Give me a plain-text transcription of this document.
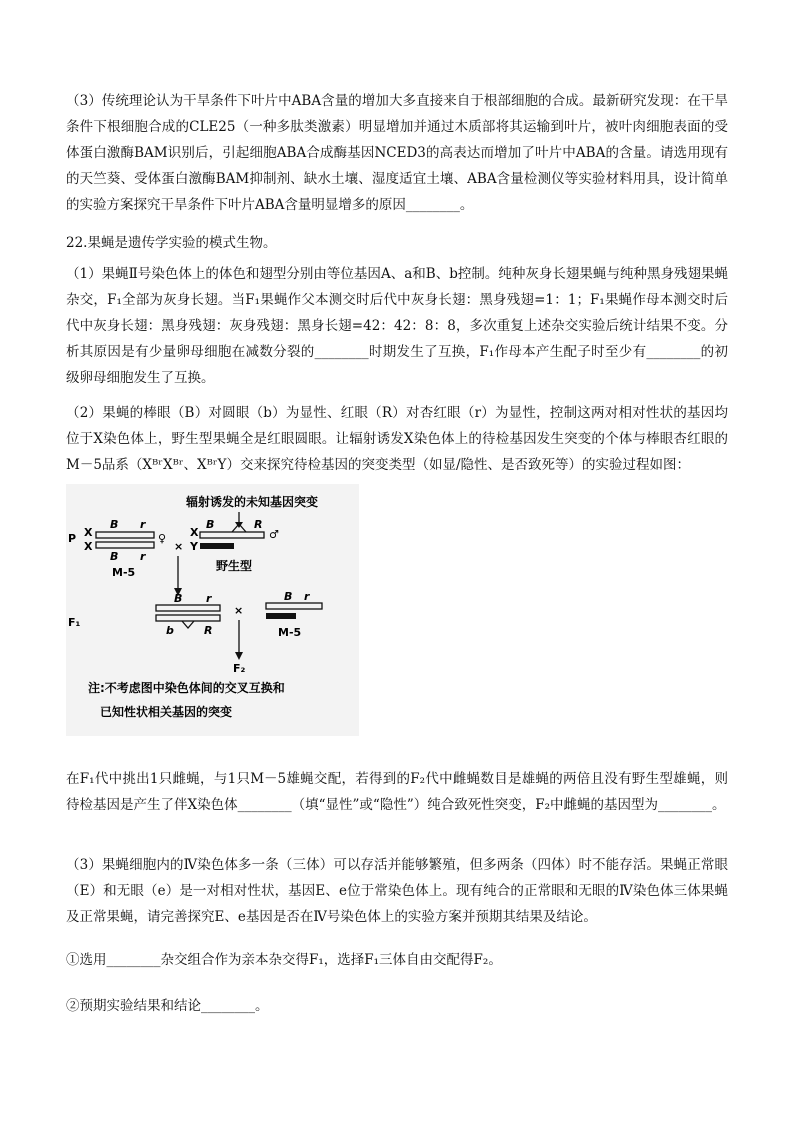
（3）传统理论认为干旱条件下叶片中ABA含量的增加大多直接来自于根部细胞的合成。最新研究发现：在干旱条件下根细胞合成的CLE25（一种多肽类激素）明显增加并通过木质部将其运输到叶片，被叶肉细胞表面的受体蛋白激酶BAM识别后，引起细胞ABA合成酶基因NCED3的高表达而增加了叶片中ABA的含量。请选用现有的天竺葵、受体蛋白激酶BAM抑制剂、缺水土壤、湿度适宜土壤、ABA含量检测仪等实验材料用具，设计简单的实验方案探究干旱条件下叶片ABA含量明显增多的原因________。
22.果蝇是遗传学实验的模式生物。
（1）果蝇Ⅱ号染色体上的体色和翅型分别由等位基因A、a和B、b控制。纯种灰身长翅果蝇与纯种黑身残翅果蝇杂交，F₁全部为灰身长翅。当F₁果蝇作父本测交时后代中灰身长翅：黑身残翅=1：1；F₁果蝇作母本测交时后代中灰身长翅：黑身残翅：灰身残翅：黑身长翅=42：42：8：8，多次重复上述杂交实验后统计结果不变。分析其原因是有少量卵母细胞在减数分裂的________时期发生了互换，F₁作母本产生配子时至少有________的初级卵母细胞发生了互换。
（2）果蝇的棒眼（B）对圆眼（b）为显性、红眼（R）对杏红眼（r）为显性，控制这两对相对性状的基因均位于X染色体上，野生型果蝇全是红眼圆眼。让辐射诱发X染色体上的待检基因发生突变的个体与棒眼杏红眼的M－5品系（XᴮʳXᴮʳ、XᴮʳY）交来探究待检基因的突变类型（如显/隐性、是否致死等）的实验过程如图：
辐射诱发的未知基因突变
P X
X
B r
B r
♀
M-5
×
B	R
X
Y
♂
野生型
F₁
B r
b	R
×
F₂
B r
M-5
注:不考虑图中染色体间的交叉互换和
已知性状相关基因的突变
在F₁代中挑出1只雌蝇，与1只M－5雄蝇交配，若得到的F₂代中雌蝇数目是雄蝇的两倍且没有野生型雄蝇，则待检基因是产生了伴X染色体________（填“显性”或“隐性”）纯合致死性突变，F₂中雌蝇的基因型为________。
（3）果蝇细胞内的Ⅳ染色体多一条（三体）可以存活并能够繁殖，但多两条（四体）时不能存活。果蝇正常眼（E）和无眼（e）是一对相对性状，基因E、e位于常染色体上。现有纯合的正常眼和无眼的Ⅳ染色体三体果蝇及正常果蝇，请完善探究E、e基因是否在Ⅳ号染色体上的实验方案并预期其结果及结论。
①选用________杂交组合作为亲本杂交得F₁，选择F₁三体自由交配得F₂。
②预期实验结果和结论________。
